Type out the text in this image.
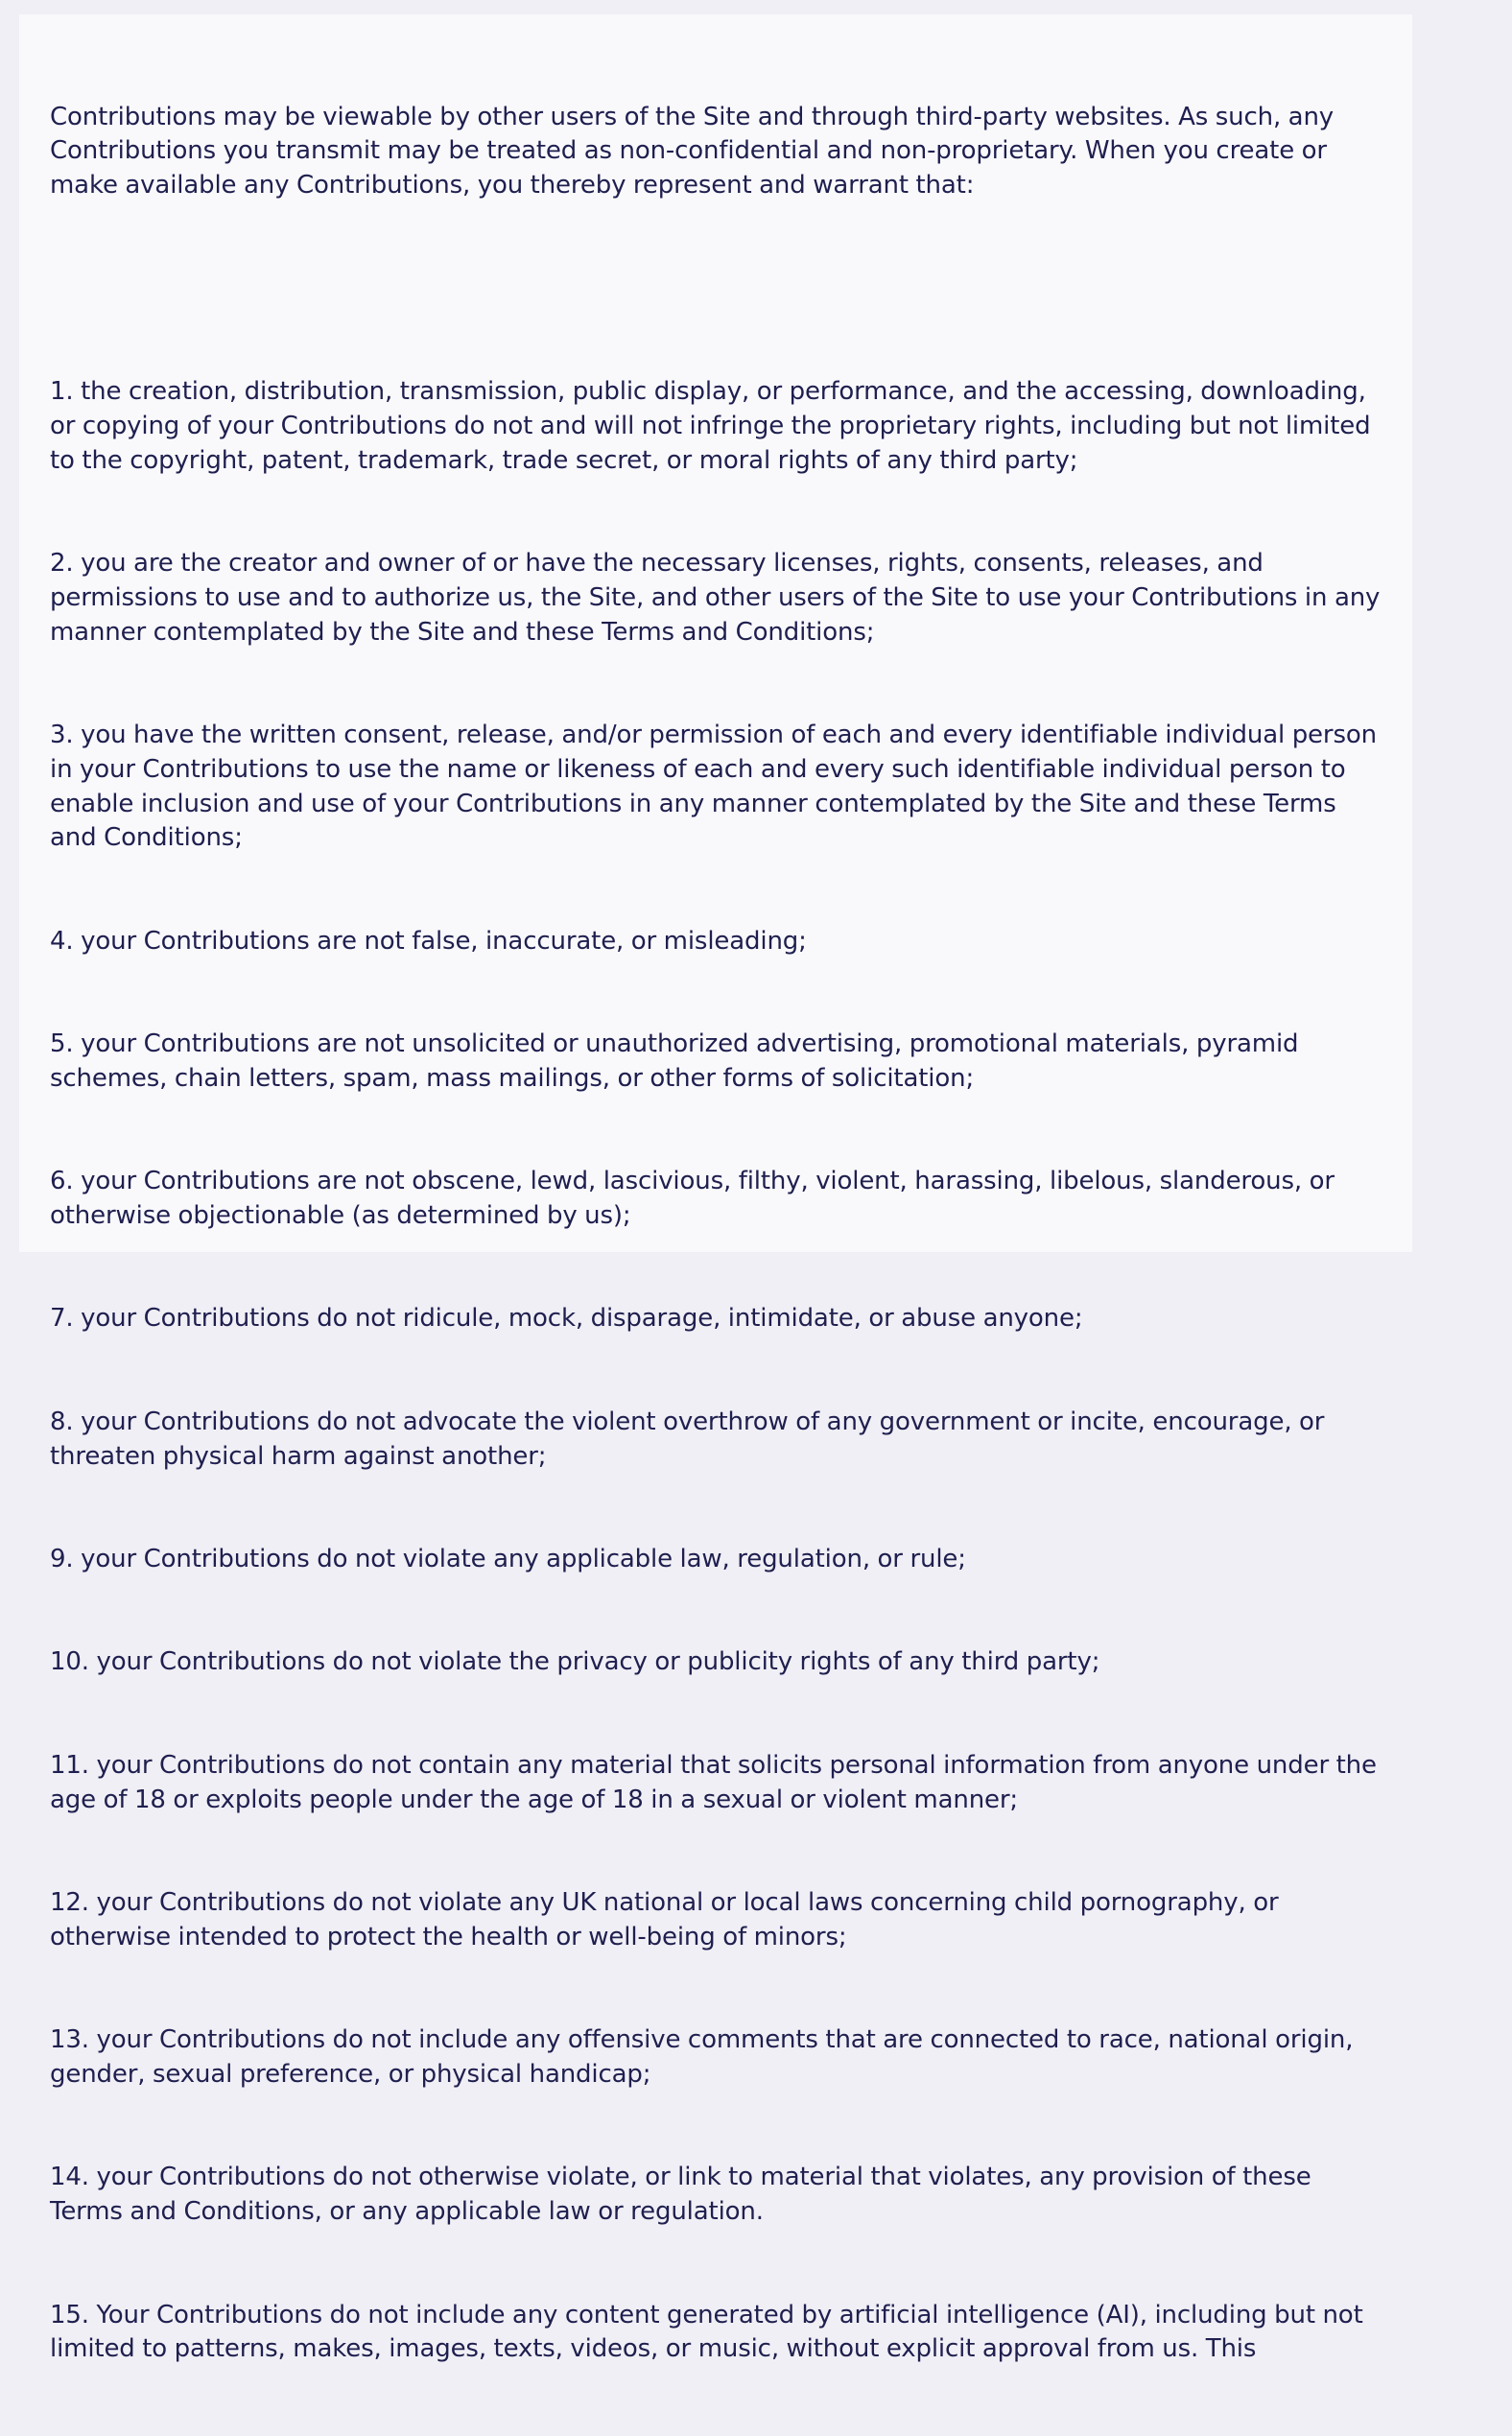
Contributions may be viewable by other users of the Site and through third-party websites. As such, any Contributions you transmit may be treated as non-confidential and non-proprietary. When you create or make available any Contributions, you thereby represent and warrant that:

1. the creation, distribution, transmission, public display, or performance, and the accessing, downloading, or copying of your Contributions do not and will not infringe the proprietary rights, including but not limited to the copyright, patent, trademark, trade secret, or moral rights of any third party;

2. you are the creator and owner of or have the necessary licenses, rights, consents, releases, and permissions to use and to authorize us, the Site, and other users of the Site to use your Contributions in any manner contemplated by the Site and these Terms and Conditions;

3. you have the written consent, release, and/or permission of each and every identifiable individual person in your Contributions to use the name or likeness of each and every such identifiable individual person to enable inclusion and use of your Contributions in any manner contemplated by the Site and these Terms and Conditions;

4. your Contributions are not false, inaccurate, or misleading;

5. your Contributions are not unsolicited or unauthorized advertising, promotional materials, pyramid schemes, chain letters, spam, mass mailings, or other forms of solicitation;

6. your Contributions are not obscene, lewd, lascivious, filthy, violent, harassing, libelous, slanderous, or otherwise objectionable (as determined by us);

7. your Contributions do not ridicule, mock, disparage, intimidate, or abuse anyone;

8. your Contributions do not advocate the violent overthrow of any government or incite, encourage, or threaten physical harm against another;

9. your Contributions do not violate any applicable law, regulation, or rule;

10. your Contributions do not violate the privacy or publicity rights of any third party;

11. your Contributions do not contain any material that solicits personal information from anyone under the age of 18 or exploits people under the age of 18 in a sexual or violent manner;

12. your Contributions do not violate any UK national or local laws concerning child pornography, or otherwise intended to protect the health or well-being of minors;

13. your Contributions do not include any offensive comments that are connected to race, national origin, gender, sexual preference, or physical handicap;

14. your Contributions do not otherwise violate, or link to material that violates, any provision of these Terms and Conditions, or any applicable law or regulation.

15. Your Contributions do not include any content generated by artificial intelligence (AI), including but not limited to patterns, makes, images, texts, videos, or music, without explicit approval from us. This
